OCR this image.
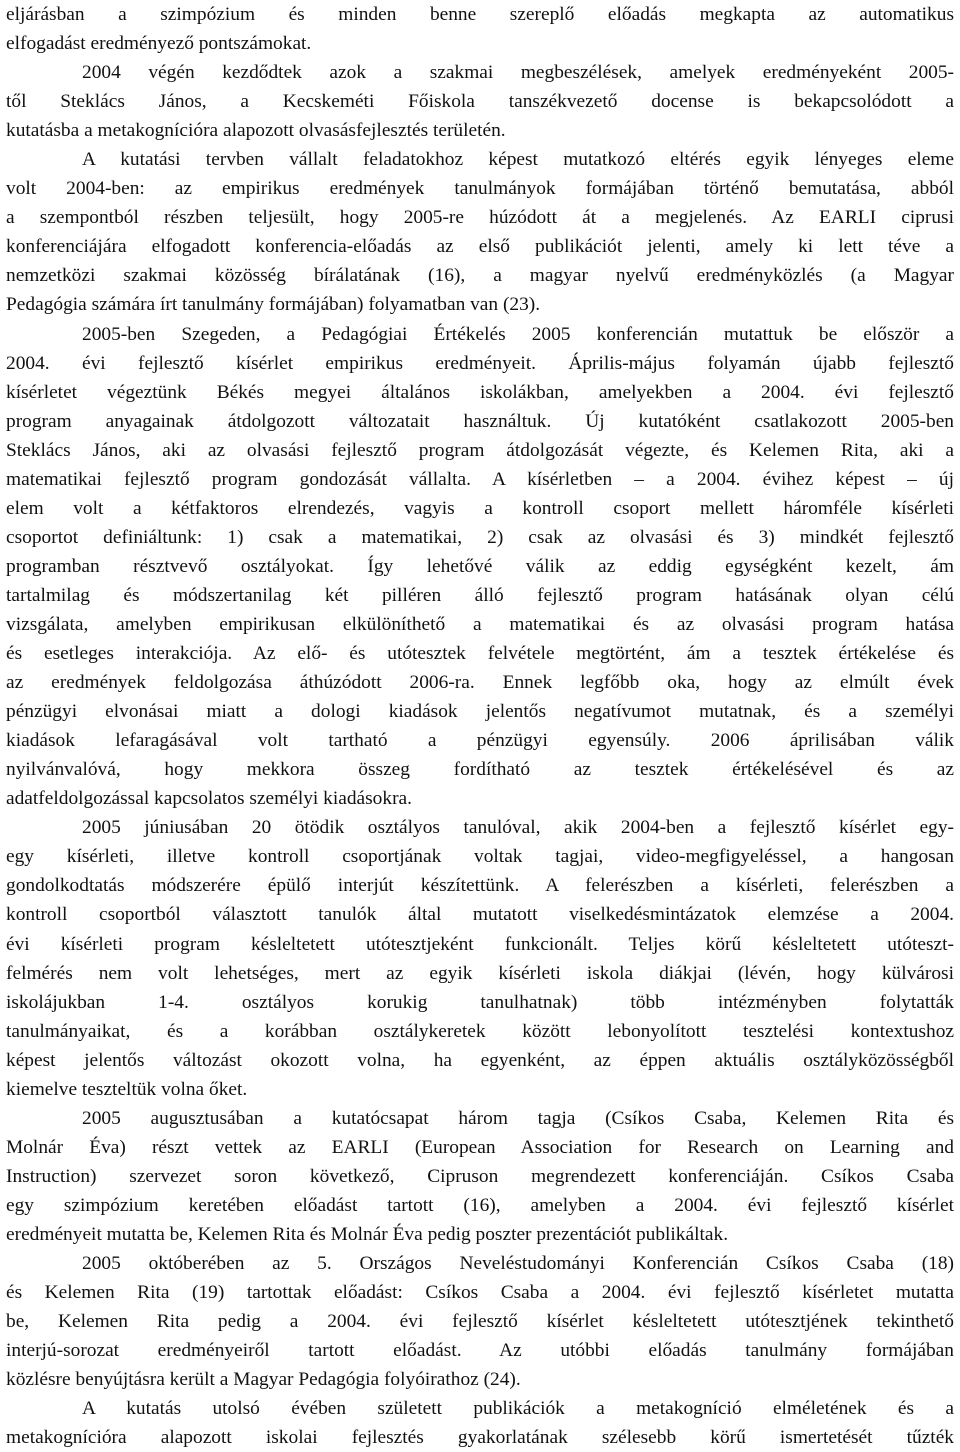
eljárásban a szimpózium és minden benne szereplő előadás megkapta az automatikus
elfogadást eredményező pontszámokat.
2004 végén kezdődtek azok a szakmai megbeszélések, amelyek eredményeként 2005-
től Steklács János, a Kecskeméti Főiskola tanszékvezető docense is bekapcsolódott a
kutatásba a metakognícióra alapozott olvasásfejlesztés területén.
A kutatási tervben vállalt feladatokhoz képest mutatkozó eltérés egyik lényeges eleme
volt 2004-ben: az empirikus eredmények tanulmányok formájában történő bemutatása, abból
a szempontból részben teljesült, hogy 2005-re húzódott át a megjelenés. Az EARLI ciprusi
konferenciájára elfogadott konferencia-előadás az első publikációt jelenti, amely ki lett téve a
nemzetközi szakmai közösség bírálatának (16), a magyar nyelvű eredményközlés (a Magyar
Pedagógia számára írt tanulmány formájában) folyamatban van (23).
2005-ben Szegeden, a Pedagógiai Értékelés 2005 konferencián mutattuk be először a
2004. évi fejlesztő kísérlet empirikus eredményeit. Április-május folyamán újabb fejlesztő
kísérletet végeztünk Békés megyei általános iskolákban, amelyekben a 2004. évi fejlesztő
program anyagainak átdolgozott változatait használtuk. Új kutatóként csatlakozott 2005-ben
Steklács János, aki az olvasási fejlesztő program átdolgozását végezte, és Kelemen Rita, aki a
matematikai fejlesztő program gondozását vállalta. A kísérletben – a 2004. évihez képest – új
elem volt a kétfaktoros elrendezés, vagyis a kontroll csoport mellett háromféle kísérleti
csoportot definiáltunk: 1) csak a matematikai, 2) csak az olvasási és 3) mindkét fejlesztő
programban résztvevő osztályokat. Így lehetővé válik az eddig egységként kezelt, ám
tartalmilag és módszertanilag két pilléren álló fejlesztő program hatásának olyan célú
vizsgálata, amelyben empirikusan elkülöníthető a matematikai és az olvasási program hatása
és esetleges interakciója. Az elő- és utótesztek felvétele megtörtént, ám a tesztek értékelése és
az eredmények feldolgozása áthúzódott 2006-ra. Ennek legfőbb oka, hogy az elmúlt évek
pénzügyi elvonásai miatt a dologi kiadások jelentős negatívumot mutatnak, és a személyi
kiadások lefaragásával volt tartható a pénzügyi egyensúly. 2006 áprilisában válik
nyilvánvalóvá, hogy mekkora összeg fordítható az tesztek értékelésével és az
adatfeldolgozással kapcsolatos személyi kiadásokra.
2005 júniusában 20 ötödik osztályos tanulóval, akik 2004-ben a fejlesztő kísérlet egy-
egy kísérleti, illetve kontroll csoportjának voltak tagjai, video-megfigyeléssel, a hangosan
gondolkodtatás módszerére épülő interjút készítettünk. A felerészben a kísérleti, felerészben a
kontroll csoportból választott tanulók által mutatott viselkedésmintázatok elemzése a 2004.
évi kísérleti program késleltetett utótesztjeként funkcionált. Teljes körű késleltetett utóteszt-
felmérés nem volt lehetséges, mert az egyik kísérleti iskola diákjai (lévén, hogy külvárosi
iskolájukban 1-4. osztályos korukig tanulhatnak) több intézményben folytatták
tanulmányaikat, és a korábban osztálykeretek között lebonyolított tesztelési kontextushoz
képest jelentős változást okozott volna, ha egyenként, az éppen aktuális osztályközösségből
kiemelve teszteltük volna őket.
2005 augusztusában a kutatócsapat három tagja (Csíkos Csaba, Kelemen Rita és
Molnár Éva) részt vettek az EARLI (European Association for Research on Learning and
Instruction) szervezet soron következő, Cipruson megrendezett konferenciáján. Csíkos Csaba
egy szimpózium keretében előadást tartott (16), amelyben a 2004. évi fejlesztő kísérlet
eredményeit mutatta be, Kelemen Rita és Molnár Éva pedig poszter prezentációt publikáltak.
2005 októberében az 5. Országos Neveléstudományi Konferencián Csíkos Csaba (18)
és Kelemen Rita (19) tartottak előadást: Csíkos Csaba a 2004. évi fejlesztő kísérletet mutatta
be, Kelemen Rita pedig a 2004. évi fejlesztő kísérlet késleltetett utótesztjének tekinthető
interjú-sorozat eredményeiről tartott előadást. Az utóbbi előadás tanulmány formájában
közlésre benyújtásra került a Magyar Pedagógia folyóirathoz (24).
A kutatás utolsó évében született publikációk a metakogníció elméletének és a
metakognícióra alapozott iskolai fejlesztés gyakorlatának szélesebb körű ismertetését tűzték
